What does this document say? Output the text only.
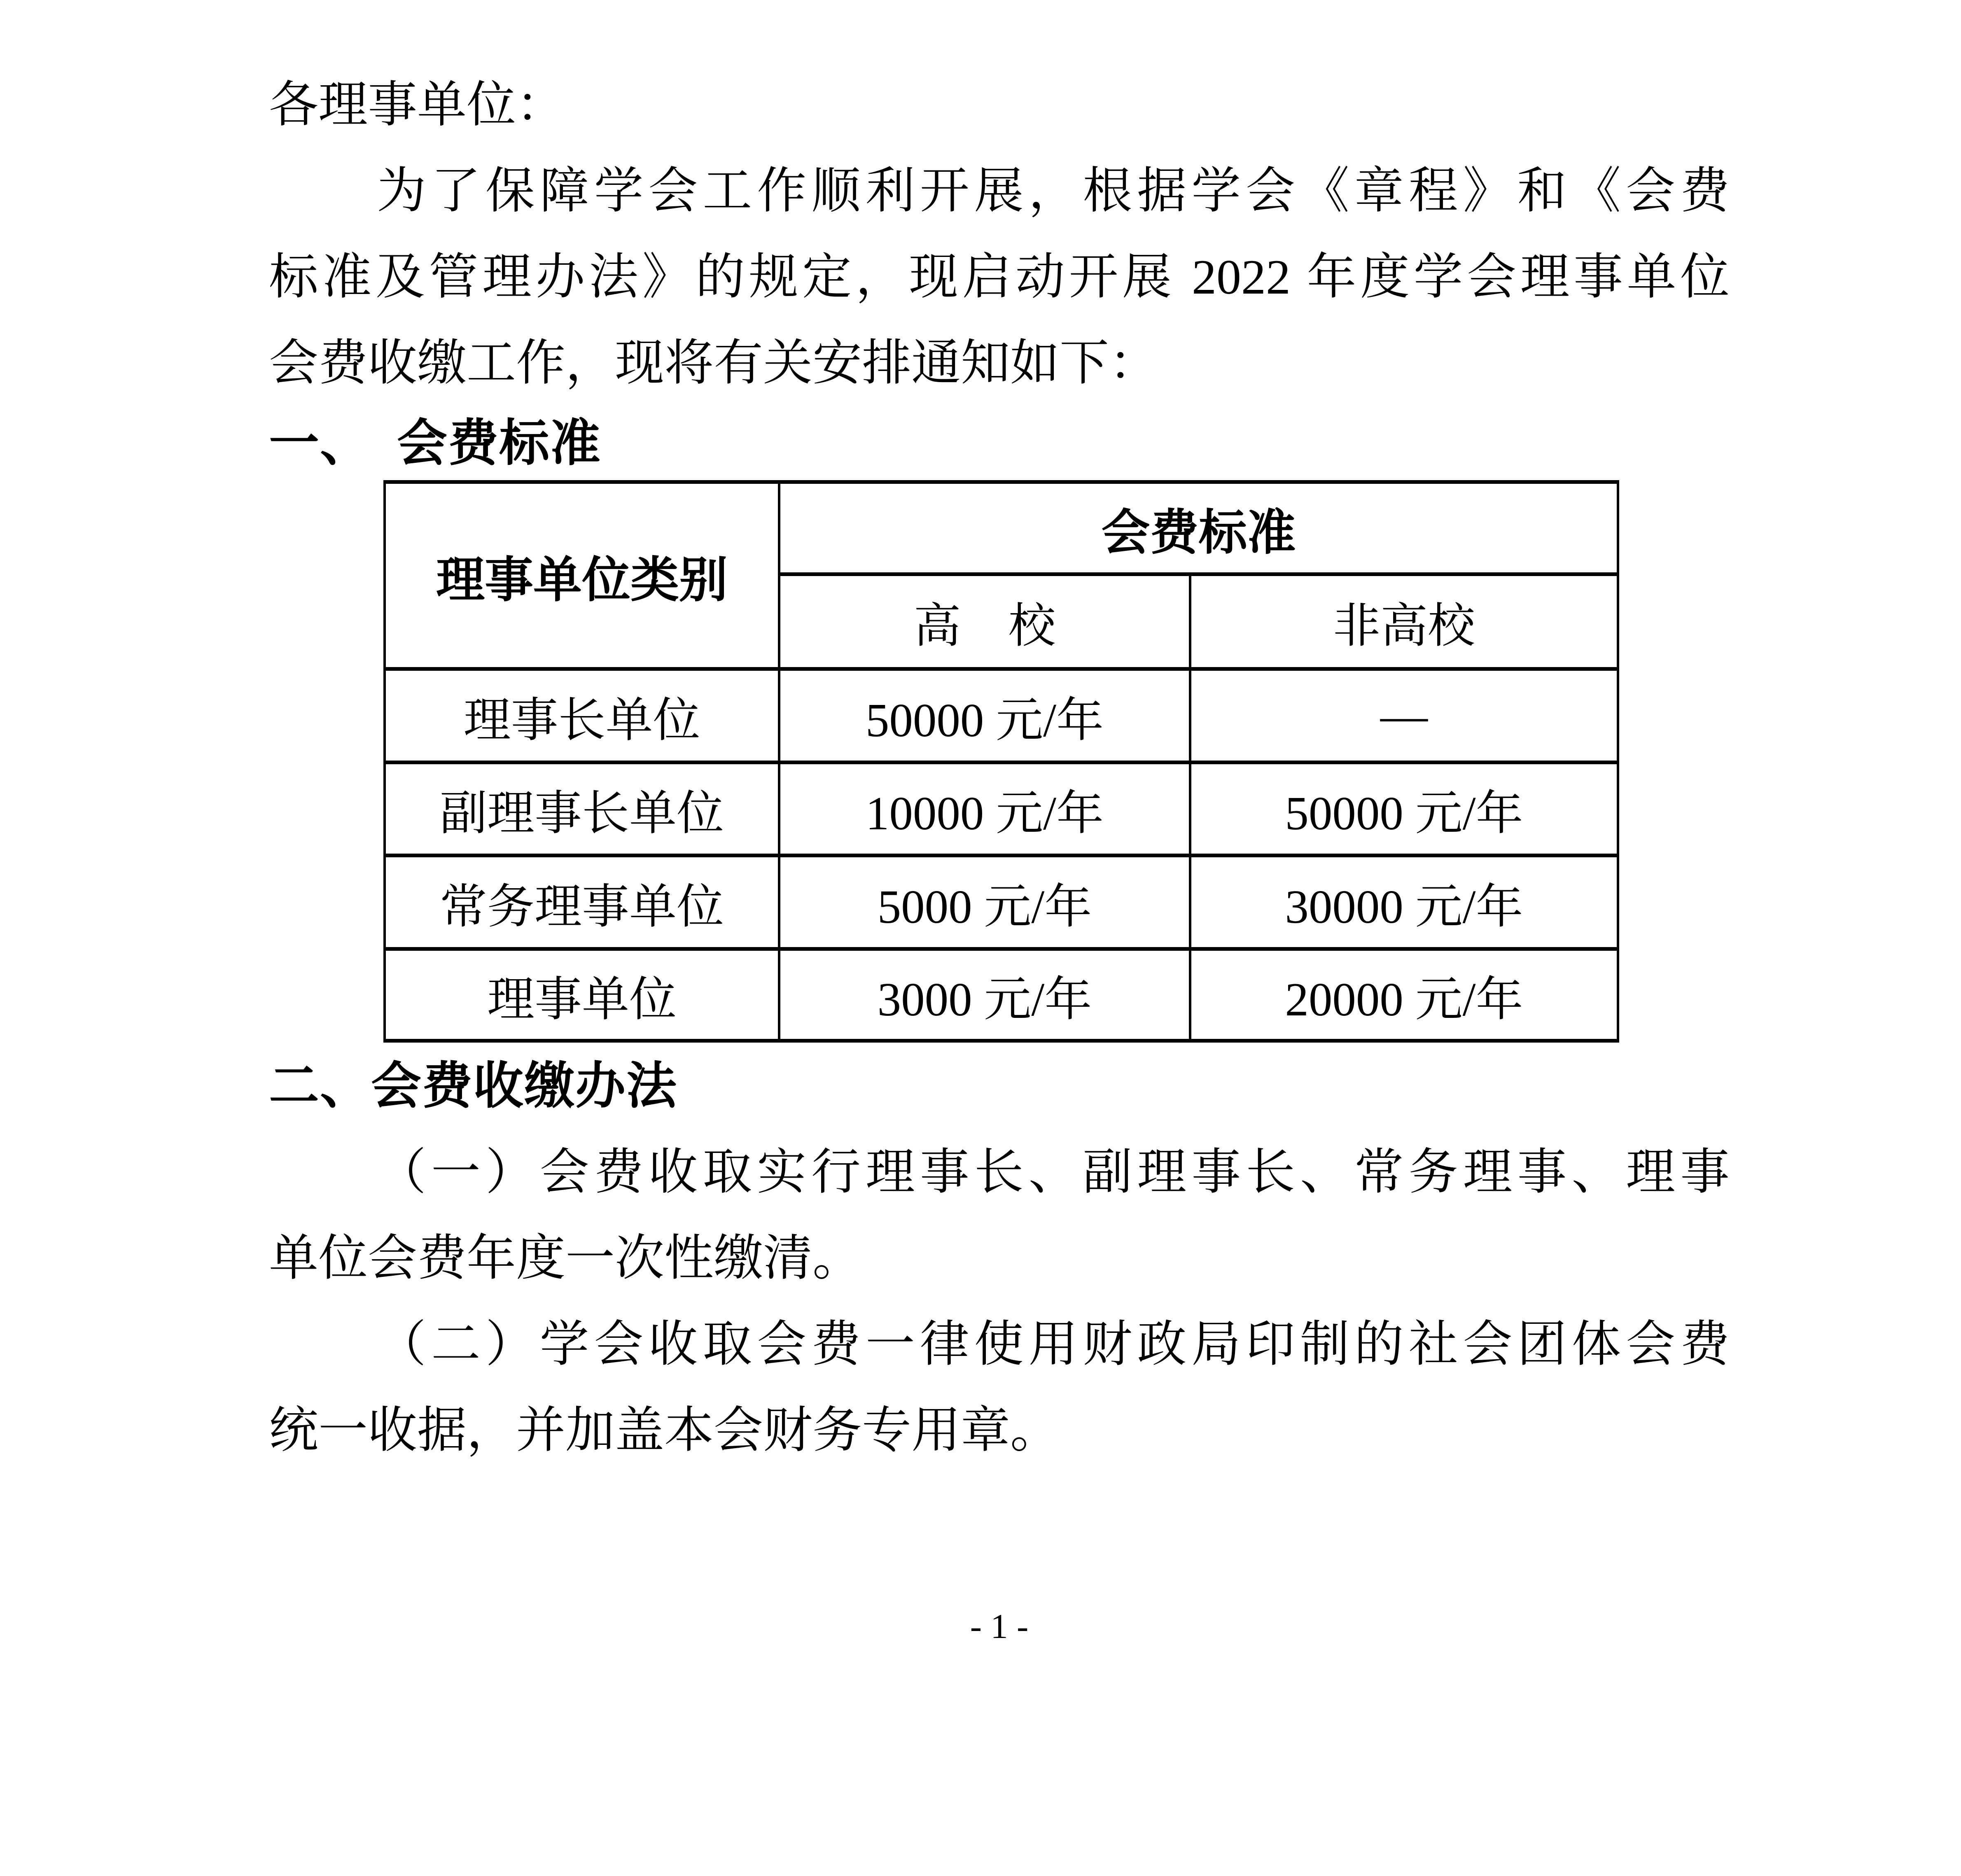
各理事单位：
为了保障学会工作顺利开展，根据学会《章程》和《会费
标准及管理办法》的规定，现启动开展 2022 年度学会理事单位
会费收缴工作，现将有关安排通知如下：
一、 会费标准
理事单位类别	会费标准	
	高　校	非高校
理事长单位	50000 元/年	—
副理事长单位	10000 元/年	50000 元/年
常务理事单位	5000 元/年	30000 元/年
理事单位	3000 元/年	20000 元/年
二、会费收缴办法
（一）会费收取实行理事长、副理事长、常务理事、理事
单位会费年度一次性缴清。
（二）学会收取会费一律使用财政局印制的社会团体会费
统一收据，并加盖本会财务专用章。
- 1 -
